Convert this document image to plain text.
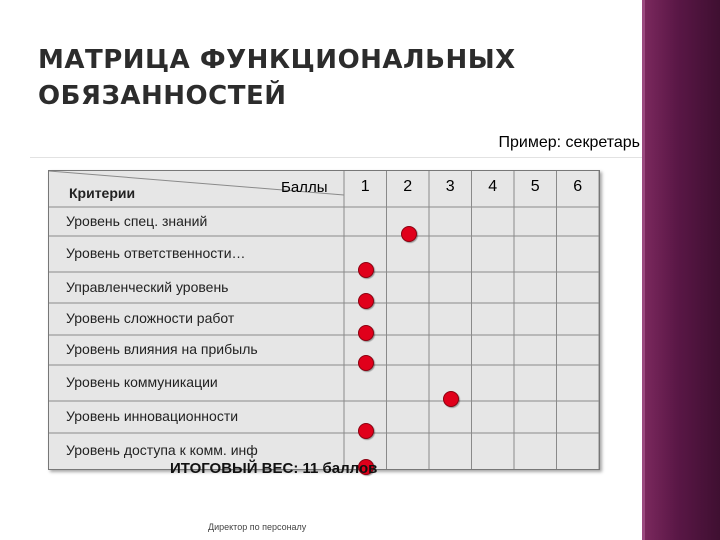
МАТРИЦА ФУНКЦИОНАЛЬНЫХ
ОБЯЗАННОСТЕЙ
Пример: секретарь
Критерии	Баллы	1	2	3	4	5	6
Уровень спец. знаний
Уровень ответственности…
Управленческий уровень
Уровень сложности работ
Уровень влияния на прибыль
Уровень коммуникации
Уровень инновационности
Уровень доступа к комм. инф
ИТОГОВЫЙ ВЕС: 11 баллов
Директор по персоналу
